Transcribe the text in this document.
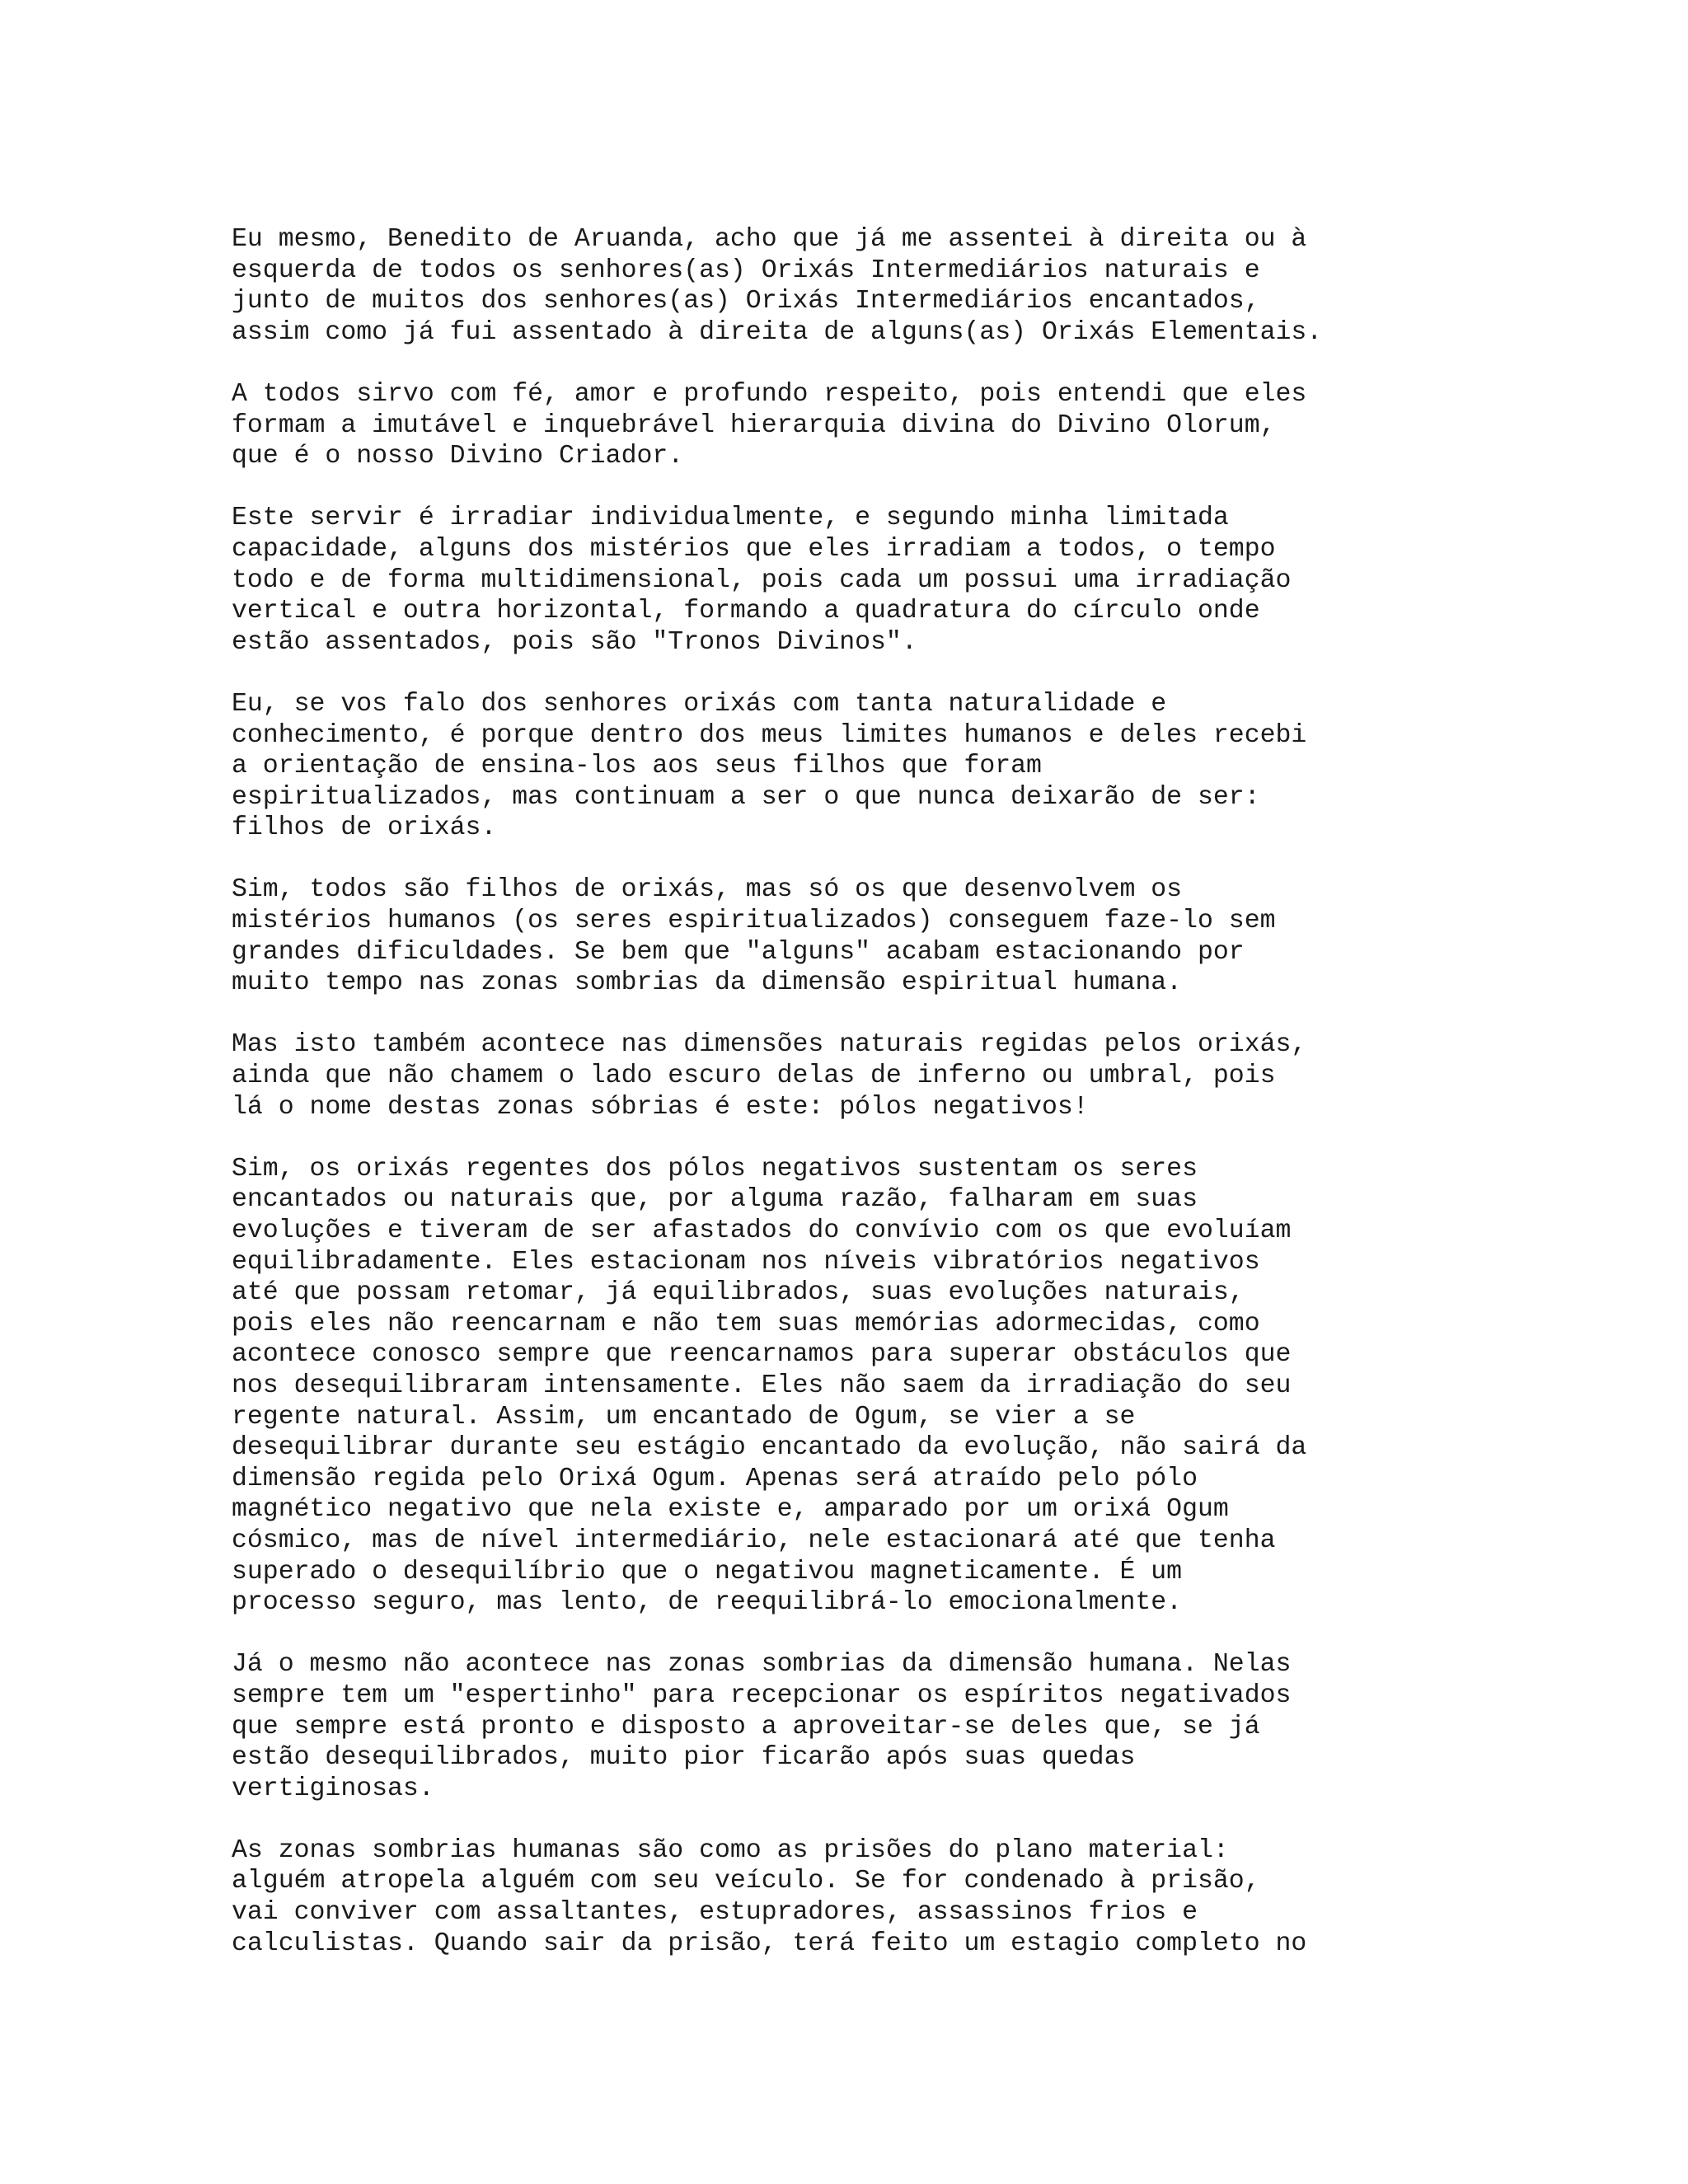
Eu mesmo, Benedito de Aruanda, acho que já me assentei à direita ou à
esquerda de todos os senhores(as) Orixás Intermediários naturais e
junto de muitos dos senhores(as) Orixás Intermediários encantados,
assim como já fui assentado à direita de alguns(as) Orixás Elementais.
A todos sirvo com fé, amor e profundo respeito, pois entendi que eles
formam a imutável e inquebrável hierarquia divina do Divino Olorum,
que é o nosso Divino Criador.
Este servir é irradiar individualmente, e segundo minha limitada
capacidade, alguns dos mistérios que eles irradiam a todos, o tempo
todo e de forma multidimensional, pois cada um possui uma irradiação
vertical e outra horizontal, formando a quadratura do círculo onde
estão assentados, pois são "Tronos Divinos".
Eu, se vos falo dos senhores orixás com tanta naturalidade e
conhecimento, é porque dentro dos meus limites humanos e deles recebi
a orientação de ensina-los aos seus filhos que foram
espiritualizados, mas continuam a ser o que nunca deixarão de ser:
filhos de orixás.
Sim, todos são filhos de orixás, mas só os que desenvolvem os
mistérios humanos (os seres espiritualizados) conseguem faze-lo sem
grandes dificuldades. Se bem que "alguns" acabam estacionando por
muito tempo nas zonas sombrias da dimensão espiritual humana.
Mas isto também acontece nas dimensões naturais regidas pelos orixás,
ainda que não chamem o lado escuro delas de inferno ou umbral, pois
lá o nome destas zonas sóbrias é este: pólos negativos!
Sim, os orixás regentes dos pólos negativos sustentam os seres
encantados ou naturais que, por alguma razão, falharam em suas
evoluções e tiveram de ser afastados do convívio com os que evoluíam
equilibradamente. Eles estacionam nos níveis vibratórios negativos
até que possam retomar, já equilibrados, suas evoluções naturais,
pois eles não reencarnam e não tem suas memórias adormecidas, como
acontece conosco sempre que reencarnamos para superar obstáculos que
nos desequilibraram intensamente. Eles não saem da irradiação do seu
regente natural. Assim, um encantado de Ogum, se vier a se
desequilibrar durante seu estágio encantado da evolução, não sairá da
dimensão regida pelo Orixá Ogum. Apenas será atraído pelo pólo
magnético negativo que nela existe e, amparado por um orixá Ogum
cósmico, mas de nível intermediário, nele estacionará até que tenha
superado o desequilíbrio que o negativou magneticamente. É um
processo seguro, mas lento, de reequilibrá-lo emocionalmente.
Já o mesmo não acontece nas zonas sombrias da dimensão humana. Nelas
sempre tem um "espertinho" para recepcionar os espíritos negativados
que sempre está pronto e disposto a aproveitar-se deles que, se já
estão desequilibrados, muito pior ficarão após suas quedas
vertiginosas.
As zonas sombrias humanas são como as prisões do plano material:
alguém atropela alguém com seu veículo. Se for condenado à prisão,
vai conviver com assaltantes, estupradores, assassinos frios e
calculistas. Quando sair da prisão, terá feito um estagio completo no
